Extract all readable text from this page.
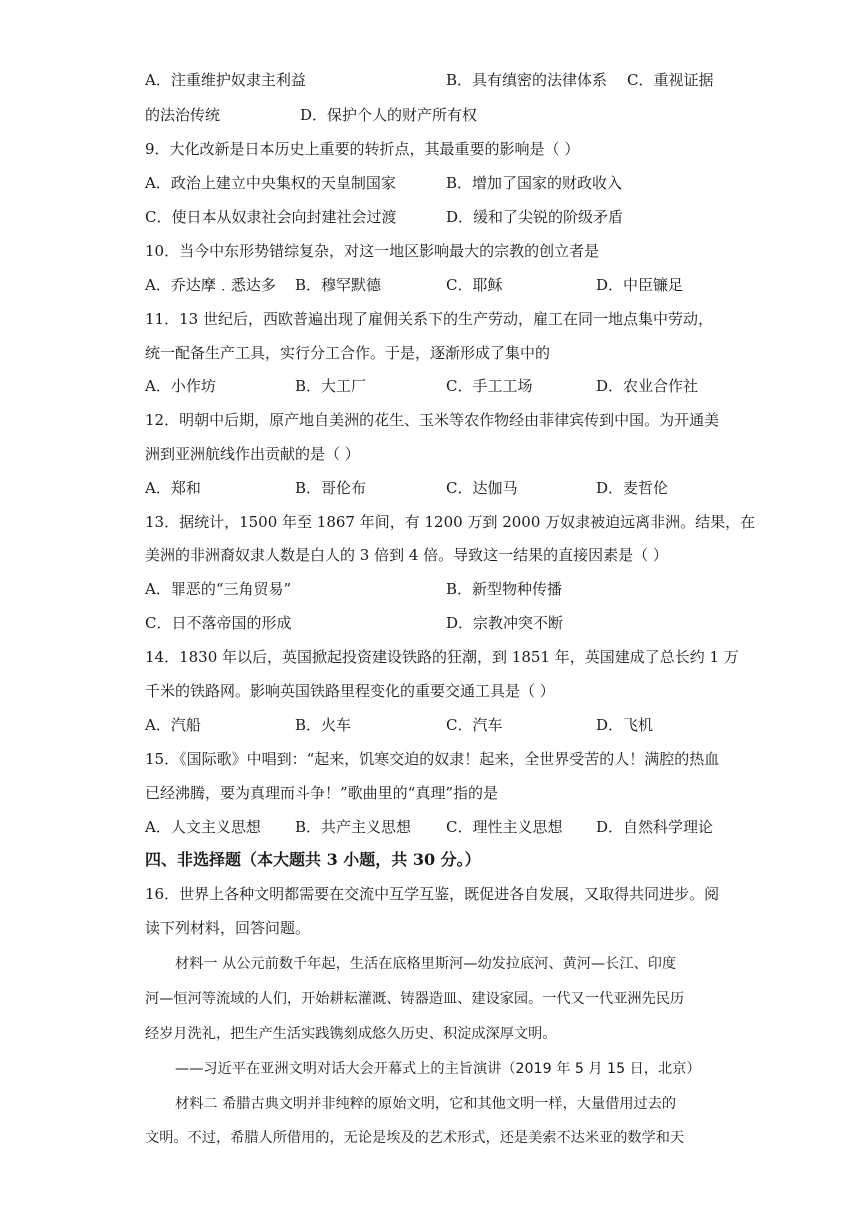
A．注重维护奴隶主利益	B．具有缜密的法律体系 C．重视证据
的法治传统	D．保护个人的财产所有权
9．大化改新是日本历史上重要的转折点，其最重要的影响是（ ）
A．政治上建立中央集权的天皇制国家	B．增加了国家的财政收入
C．使日本从奴隶社会向封建社会过渡	D．缓和了尖锐的阶级矛盾
10．当今中东形势错综复杂，对这一地区影响最大的宗教的创立者是
A．乔达摩﹒悉达多 B．穆罕默德	C．耶稣	D．中臣镰足
11．13 世纪后，西欧普遍出现了雇佣关系下的生产劳动，雇工在同一地点集中劳动，
统一配备生产工具，实行分工合作。于是，逐渐形成了集中的
A．小作坊	B．大工厂	C．手工工场	D．农业合作社
12．明朝中后期，原产地自美洲的花生、玉米等农作物经由菲律宾传到中国。为开通美
洲到亚洲航线作出贡献的是（ ）
A．郑和	B．哥伦布	C．达伽马	D．麦哲伦
13．据统计，1500 年至 1867 年间，有 1200 万到 2000 万奴隶被迫远离非洲。结果，在
美洲的非洲裔奴隶人数是白人的 3 倍到 4 倍。导致这一结果的直接因素是（ ）
A．罪恶的“三角贸易”	B．新型物种传播
C．日不落帝国的形成	D．宗教冲突不断
14．1830 年以后，英国掀起投资建设铁路的狂潮，到 1851 年，英国建成了总长约 1 万
千米的铁路网。影响英国铁路里程变化的重要交通工具是（ ）
A．汽船	B．火车	C．汽车	D．飞机
15．《国际歌》中唱到：“起来，饥寒交迫的奴隶！起来，全世界受苦的人！满腔的热血
已经沸腾，要为真理而斗争！”歌曲里的“真理”指的是
A．人文主义思想 B．共产主义思想 C．理性主义思想 D．自然科学理论
四、非选择题（本大题共 3 小题，共 30 分。）
16．世界上各种文明都需要在交流中互学互鉴，既促进各自发展，又取得共同进步。阅
读下列材料，回答问题。
材料一 从公元前数千年起，生活在底格里斯河—幼发拉底河、黄河—长江、印度
河—恒河等流域的人们，开始耕耘灌溉、铸器造皿、建设家园。一代又一代亚洲先民历
经岁月洗礼，把生产生活实践镌刻成悠久历史、积淀成深厚文明。
——习近平在亚洲文明对话大会开幕式上的主旨演讲（2019 年 5 月 15 日，北京）
材料二 希腊古典文明并非纯粹的原始文明，它和其他文明一样，大量借用过去的
文明。不过，希腊人所借用的，无论是埃及的艺术形式，还是美索不达米亚的数学和天
